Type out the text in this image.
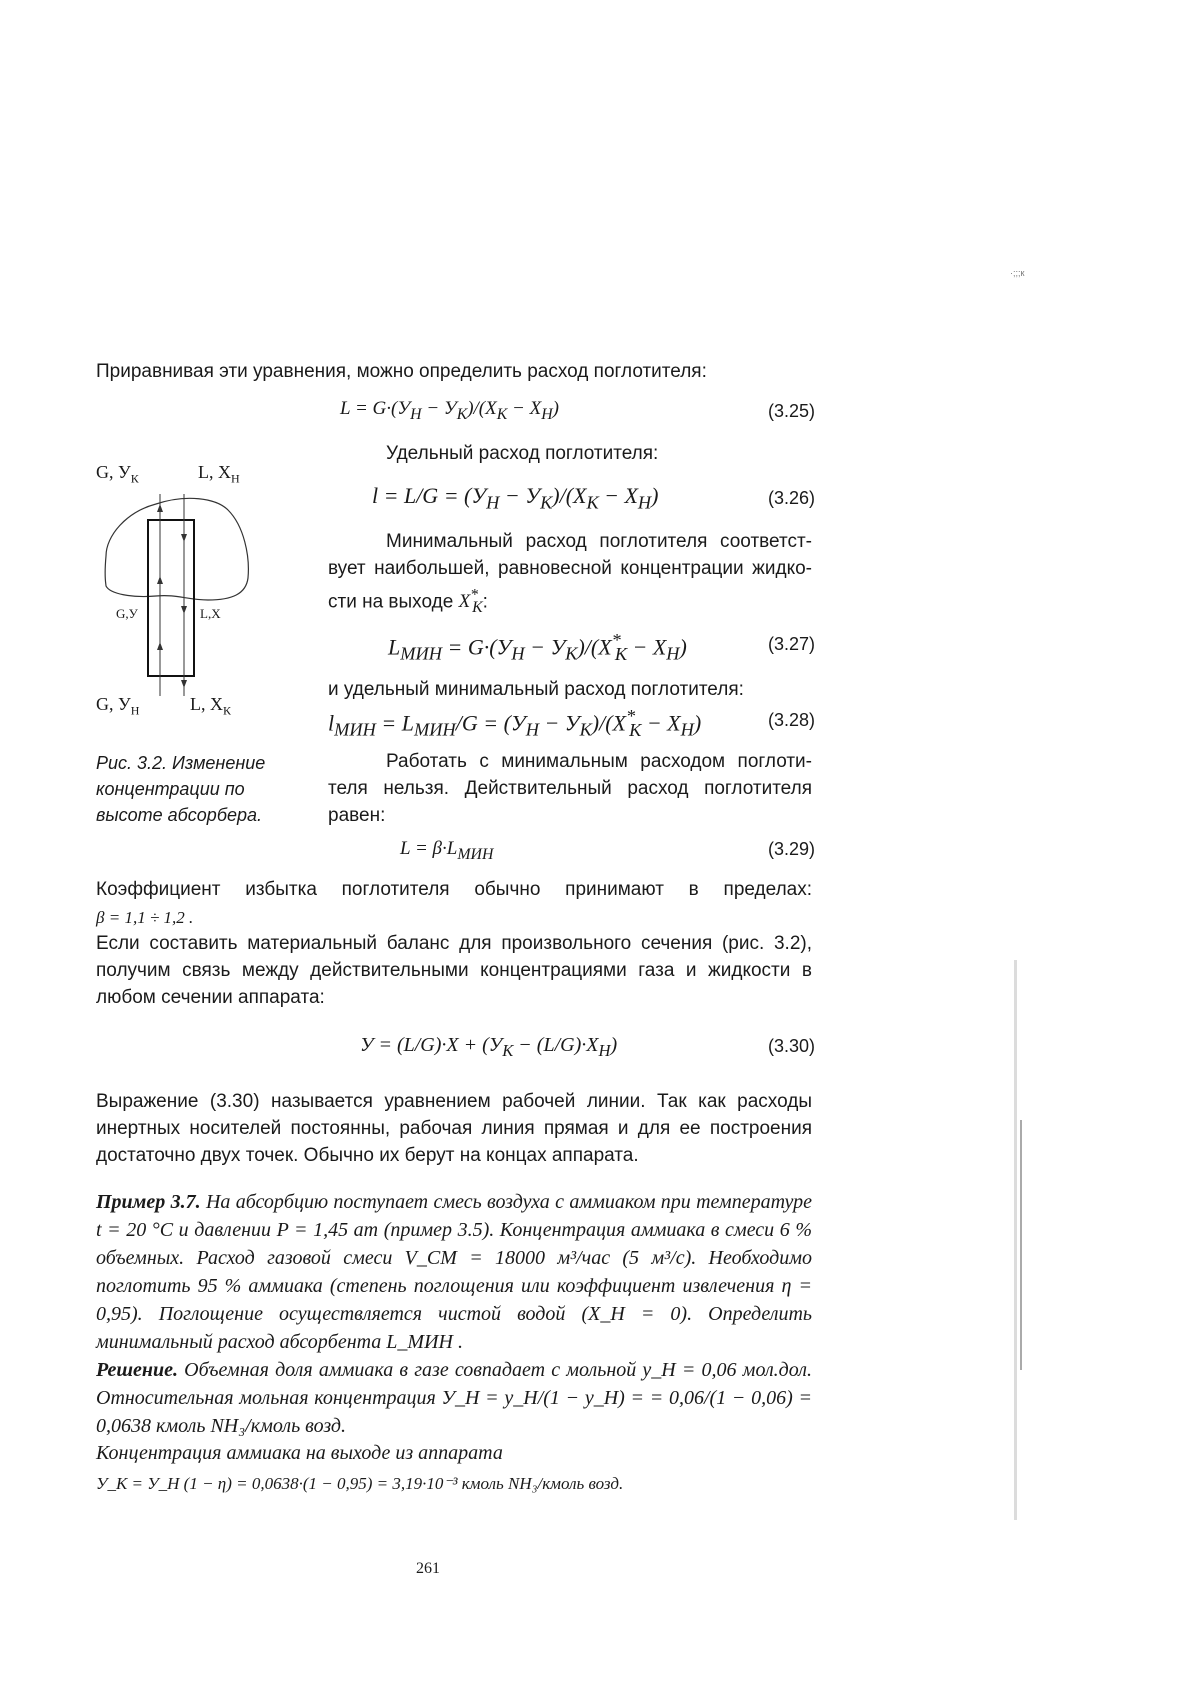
·;;;к
Приравнивая эти уравнения, можно определить расход поглотителя:
$L = G\cdot(У_Н - У_К)/(X_К - X_Н)$	(3.25)
Удельный расход поглотителя:
$l = L/G = (У_Н - У_К)/(X_К - X_Н)$	(3.26)
Минимальный расход поглотителя соответст-
вует наибольшей, равновесной концентрации жидко-
сти на выходе $X^*_К$:
$L_{МИН} = G\cdot(У_Н - У_К)/(X^*_К - X_Н)$	(3.27)
и удельный минимальный расход поглотителя:
$l_{МИН} = L_{МИН}/G = (У_Н - У_К)/(X^*_К - X_Н)$	(3.28)
Работать с минимальным расходом поглоти-
теля нельзя. Действительный расход поглотителя
равен:
$L = \beta\cdot L_{МИН}$	(3.29)
G, $У_К$	L, $X_Н$
G,У	L,X
G, $У_Н$	L, $X_К$
Рис. 3.2. Изменение концентрации по высоте абсорбера.
Коэффициент избытка поглотителя обычно принимают в пределах:
β = 1,1 ÷ 1,2 .
Если составить материальный баланс для произвольного сечения (рис. 3.2), получим связь между действительными концентрациями газа и жидкости в любом сечении аппарата:
$У = (L/G)\cdot X + (У_К - (L/G)\cdot X_Н)$	(3.30)
Выражение (3.30) называется уравнением рабочей линии. Так как расходы инертных носителей постоянны, рабочая линия прямая и для ее построения достаточно двух точек. Обычно их берут на концах аппарата.
Пример 3.7. На абсорбцию поступает смесь воздуха с аммиаком при температуре t = 20 °C и давлении P = 1,45 ат (пример 3.5). Концентрация аммиака в смеси 6 % объемных. Расход газовой смеси V_СМ = 18000 м³/час (5 м³/с). Необходимо поглотить 95 % аммиака (степень поглощения или коэффициент извлечения η = 0,95). Поглощение осуществляется чистой водой (Х_Н = 0). Определить минимальный расход абсорбента L_МИН .
Решение. Объемная доля аммиака в газе совпадает с мольной у_Н = 0,06 мол.дол. Относительная мольная концентрация У_Н = у_Н/(1 − у_Н) = = 0,06/(1 − 0,06) = 0,0638 кмоль NH₃/кмоль возд.
Концентрация аммиака на выходе из аппарата
У_К = У_Н (1 − η) = 0,0638·(1 − 0,95) = 3,19·10⁻³ кмоль NH₃/кмоль возд.
261
